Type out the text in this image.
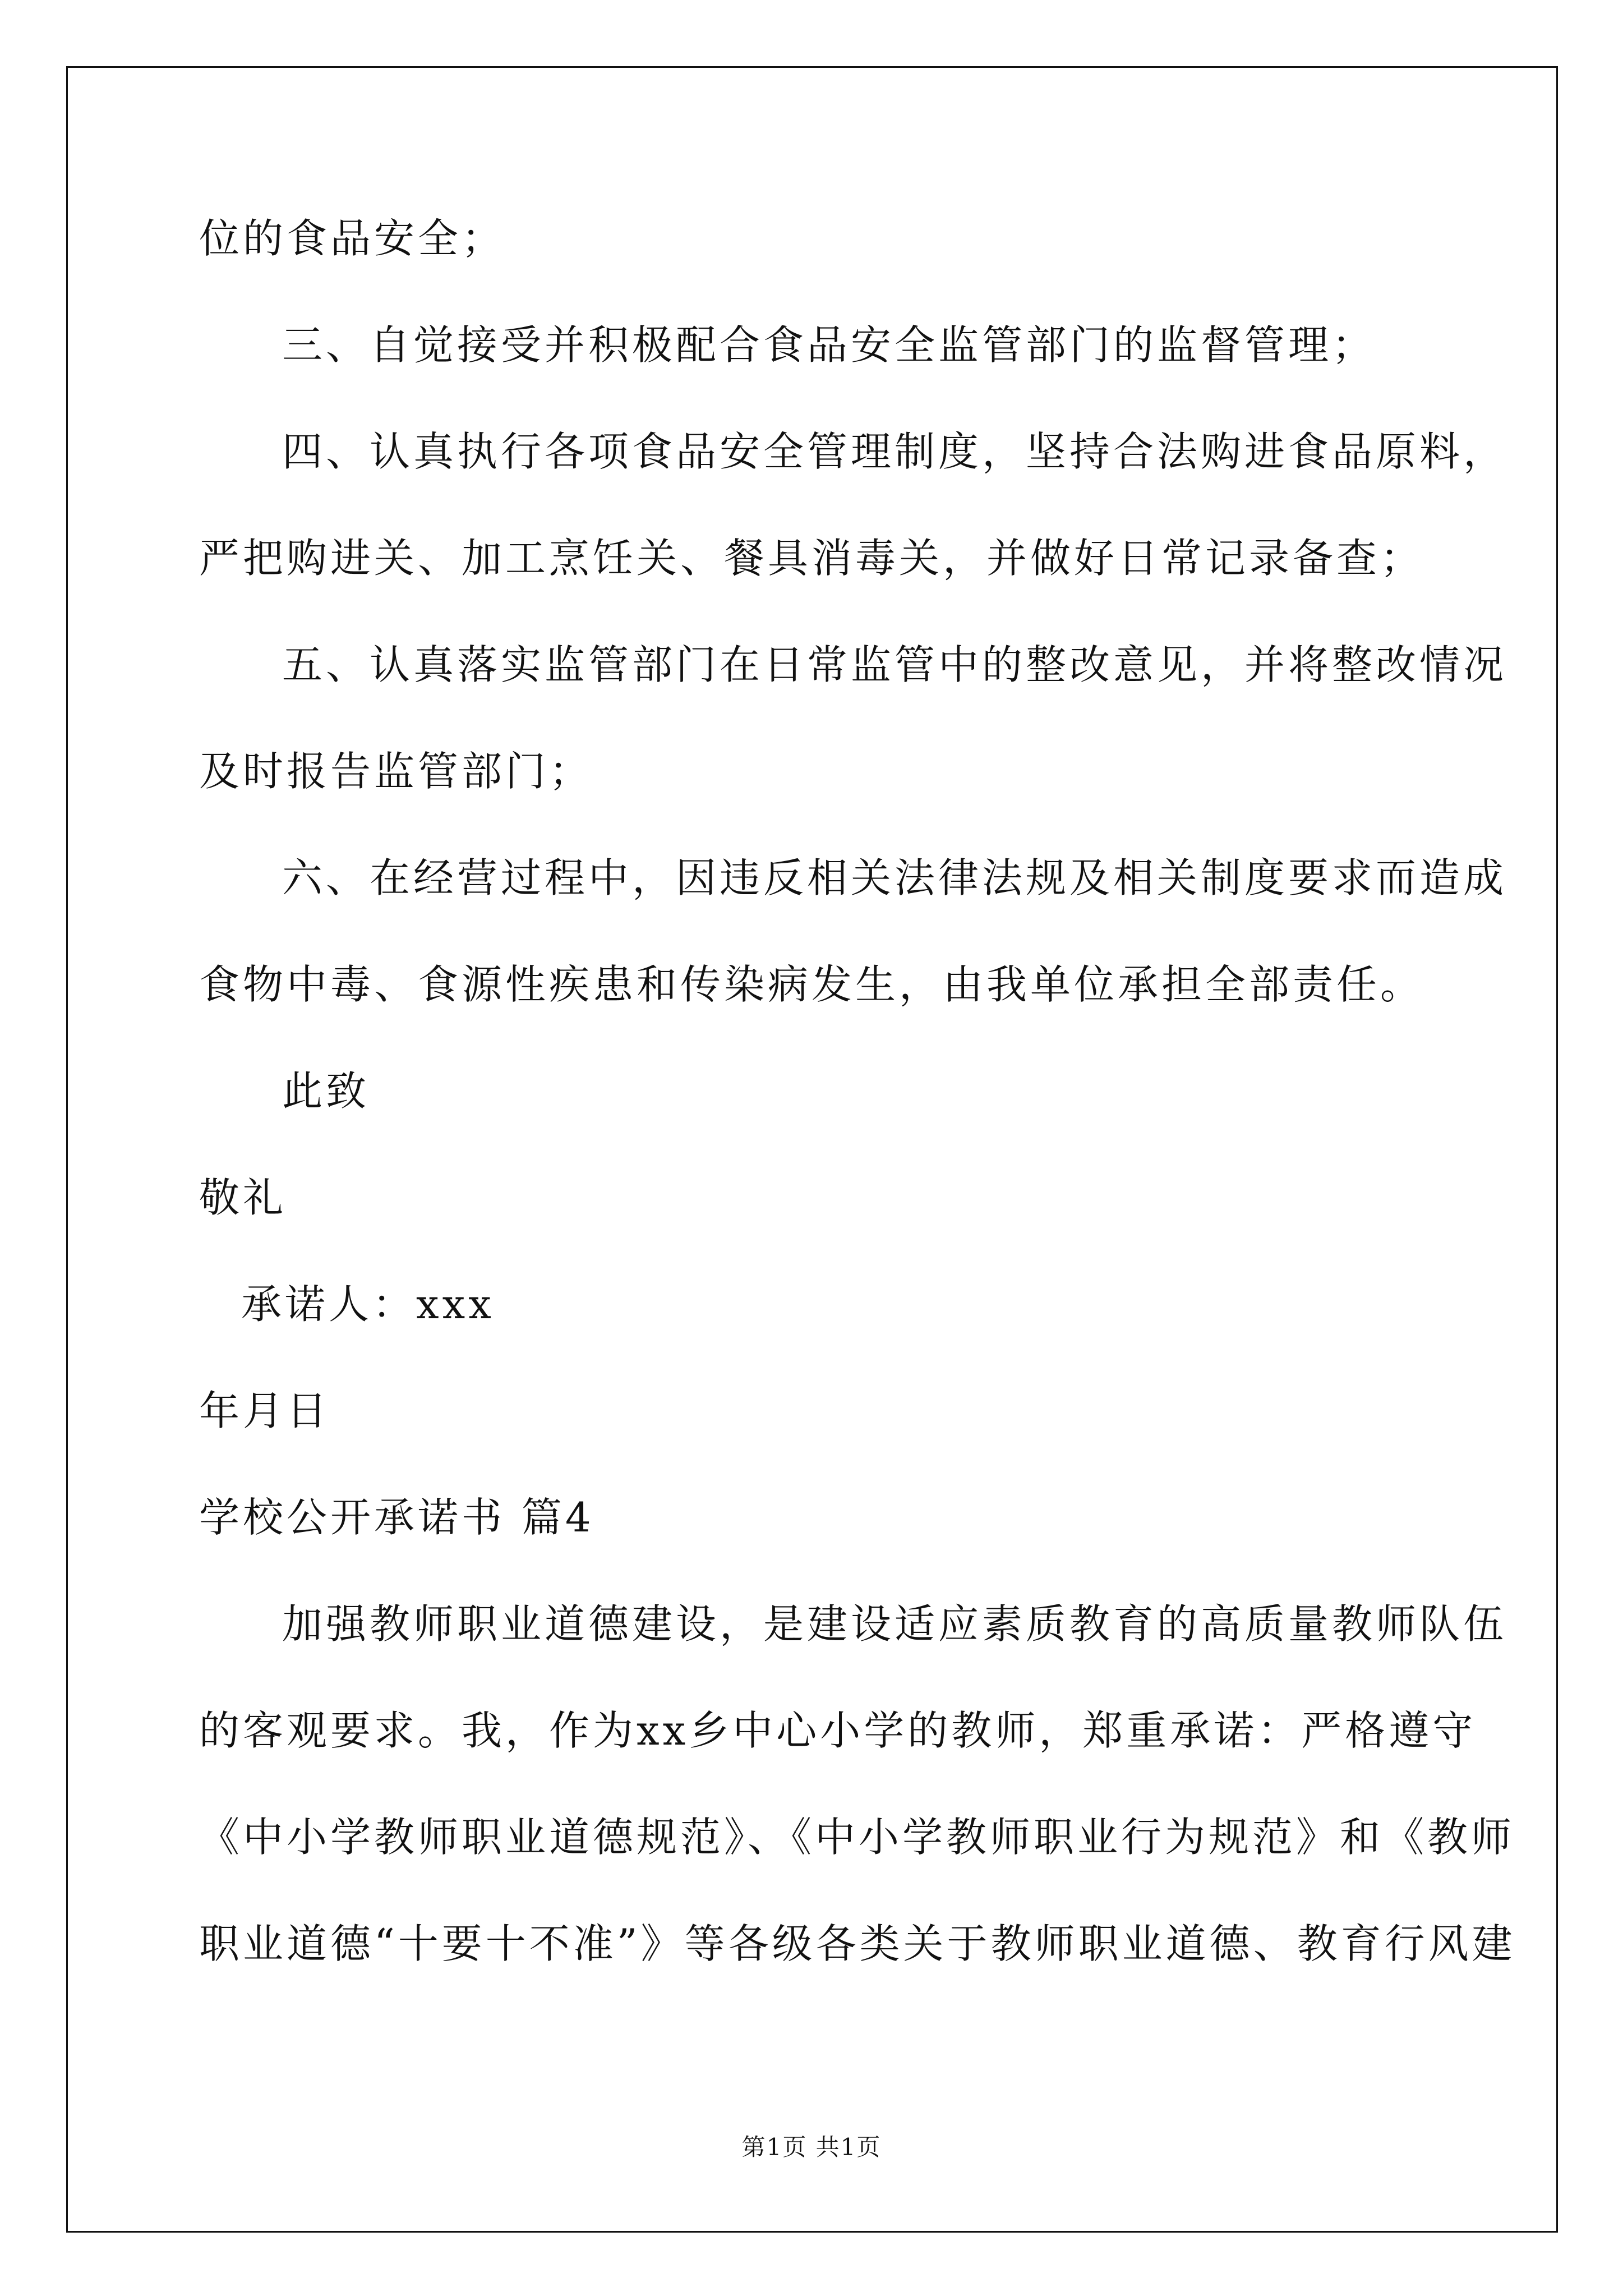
位的食品安全；
三、自觉接受并积极配合食品安全监管部门的监督管理；
四、认真执行各项食品安全管理制度，坚持合法购进食品原料，
严把购进关、加工烹饪关、餐具消毒关，并做好日常记录备查；
五、认真落实监管部门在日常监管中的整改意见，并将整改情况
及时报告监管部门；
六、在经营过程中，因违反相关法律法规及相关制度要求而造成
食物中毒、食源性疾患和传染病发生，由我单位承担全部责任。
此致
敬礼
承诺人：xxx
年月日
学校公开承诺书 篇4
加强教师职业道德建设，是建设适应素质教育的高质量教师队伍
的客观要求。我，作为xx乡中心小学的教师，郑重承诺：严格遵守
《中小学教师职业道德规范》、《中小学教师职业行为规范》和《教师
职业道德“十要十不准”》等各级各类关于教师职业道德、教育行风建
第1页 共1页
